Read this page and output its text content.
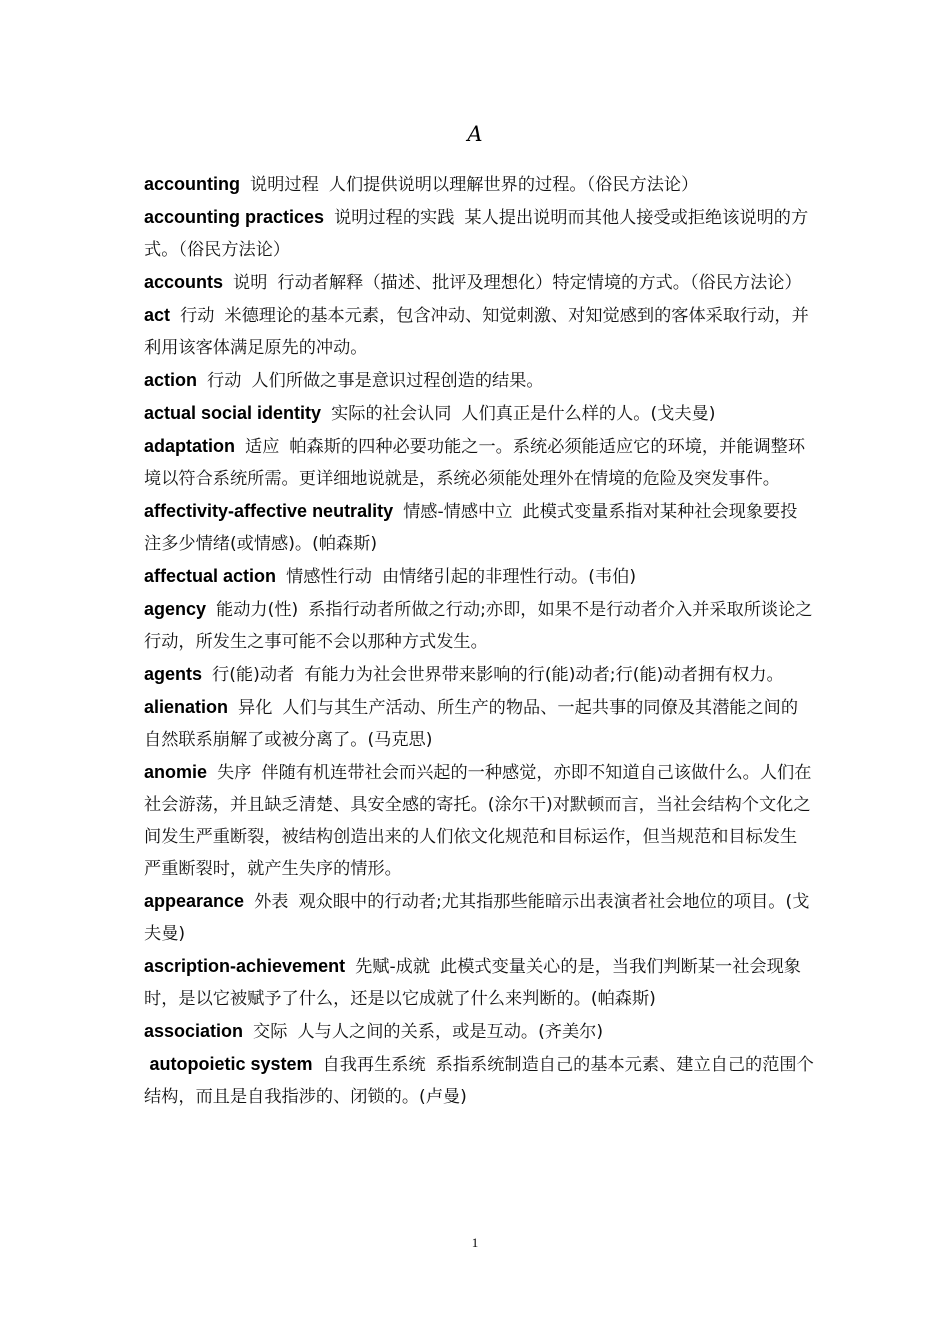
A

accounting 说明过程 人们提供说明以理解世界的过程。（俗民方法论）

accounting practices 说明过程的实践 某人提出说明而其他人接受或拒绝该说明的方式。（俗民方法论）

accounts 说明 行动者解释（描述、批评及理想化）特定情境的方式。（俗民方法论）

act 行动 米德理论的基本元素，包含冲动、知觉刺激、对知觉感到的客体采取行动，并利用该客体满足原先的冲动。

action 行动 人们所做之事是意识过程创造的结果。

actual social identity 实际的社会认同 人们真正是什么样的人。(戈夫曼)

adaptation 适应 帕森斯的四种必要功能之一。系统必须能适应它的环境，并能调整环境以符合系统所需。更详细地说就是，系统必须能处理外在情境的危险及突发事件。

affectivity-affective neutrality 情感-情感中立 此模式变量系指对某种社会现象要投注多少情绪(或情感)。(帕森斯)

affectual action 情感性行动 由情绪引起的非理性行动。(韦伯)

agency 能动力(性) 系指行动者所做之行动;亦即，如果不是行动者介入并采取所谈论之行动，所发生之事可能不会以那种方式发生。

agents 行(能)动者 有能力为社会世界带来影响的行(能)动者;行(能)动者拥有权力。

alienation 异化 人们与其生产活动、所生产的物品、一起共事的同僚及其潜能之间的自然联系崩解了或被分离了。(马克思)

anomie 失序 伴随有机连带社会而兴起的一种感觉，亦即不知道自己该做什么。人们在社会游荡，并且缺乏清楚、具安全感的寄托。(涂尔干)对默顿而言，当社会结构个文化之间发生严重断裂，被结构创造出来的人们依文化规范和目标运作，但当规范和目标发生严重断裂时，就产生失序的情形。

appearance 外表 观众眼中的行动者;尤其指那些能暗示出表演者社会地位的项目。(戈夫曼)

ascription-achievement 先赋-成就 此模式变量关心的是，当我们判断某一社会现象时，是以它被赋予了什么，还是以它成就了什么来判断的。(帕森斯)

association 交际 人与人之间的关系，或是互动。(齐美尔)

autopoietic system 自我再生系统 系指系统制造自己的基本元素、建立自己的范围个结构，而且是自我指涉的、闭锁的。(卢曼)

1
